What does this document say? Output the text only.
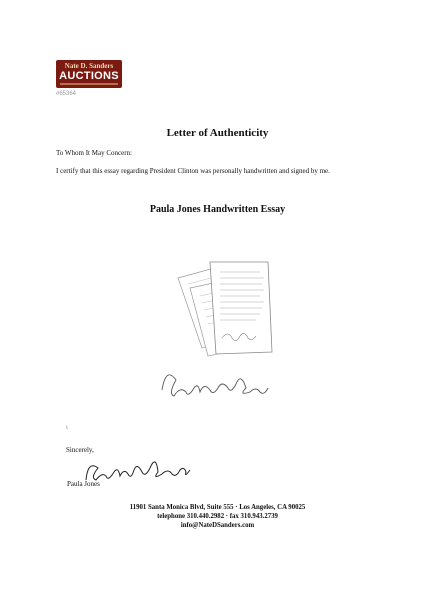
Nate D. Sanders
AUCTIONS
#65364
Letter of Authenticity
To Whom It May Concern:
I certify that this essay regarding President Clinton was personally handwritten and signed by me.
Paula Jones Handwritten Essay
ɩ
Sincerely,
Paula Jones
11901 Santa Monica Blvd, Suite 555 · Los Angeles, CA 90025
telephone 310.440.2982 · fax 310.943.2739
info@NateDSanders.com
